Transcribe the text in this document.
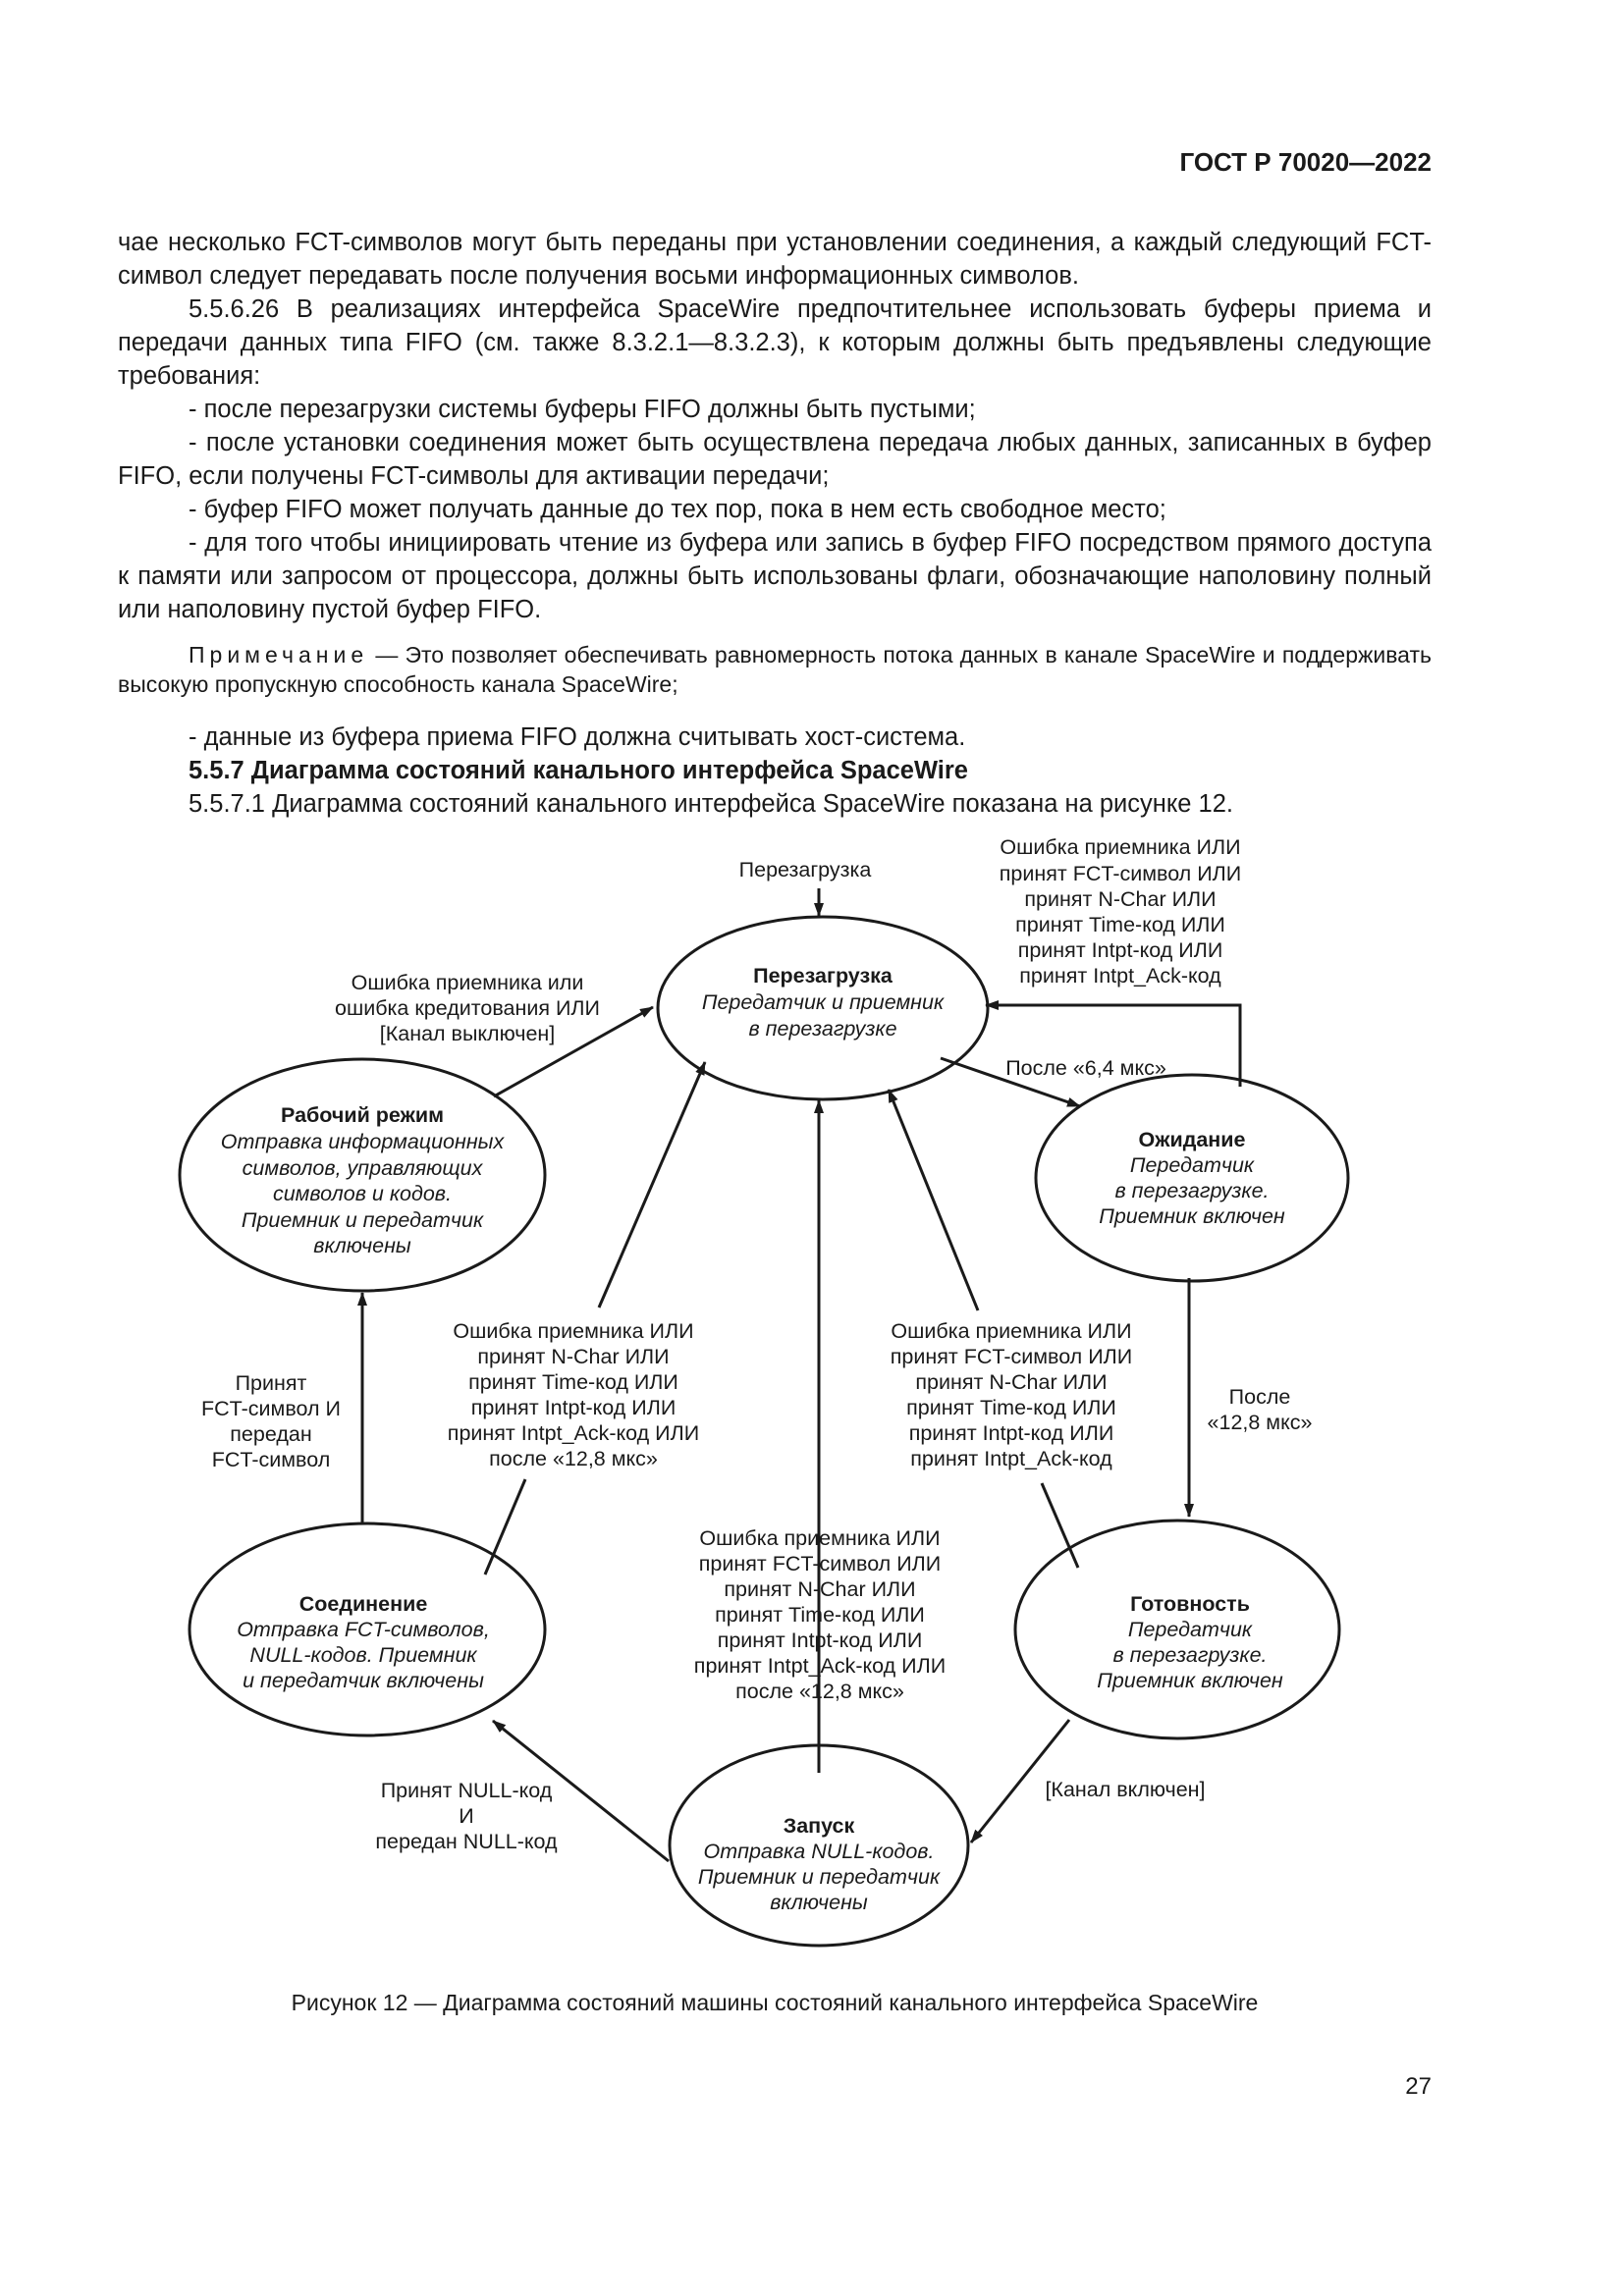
ГОСТ Р 70020—2022

чае несколько FCT-символов могут быть переданы при установлении соединения, а каждый следующий FCT-символ следует передавать после получения восьми информационных символов.

5.5.6.26 В реализациях интерфейса SpaceWire предпочтительнее использовать буферы приема и передачи данных типа FIFO (см. также 8.3.2.1—8.3.2.3), к которым должны быть предъявлены следующие требования:

- после перезагрузки системы буферы FIFO должны быть пустыми;

- после установки соединения может быть осуществлена передача любых данных, записанных в буфер FIFO, если получены FCT-символы для активации передачи;

- буфер FIFO может получать данные до тех пор, пока в нем есть свободное место;

- для того чтобы инициировать чтение из буфера или запись в буфер FIFO посредством прямого доступа к памяти или запросом от процессора, должны быть использованы флаги, обозначающие наполовину полный или наполовину пустой буфер FIFO.

Примечание — Это позволяет обеспечивать равномерность потока данных в канале SpaceWire и поддерживать высокую пропускную способность канала SpaceWire;

- данные из буфера приема FIFO должна считывать хост-система.

5.5.7 Диаграмма состояний канального интерфейса SpaceWire

5.5.7.1 Диаграмма состояний канального интерфейса SpaceWire показана на рисунке 12.

Перезагрузка
Передатчик и приемник
в перезагрузке
Рабочий режим
Отправка информационных
символов, управляющих
символов и кодов.
Приемник и передатчик
включены
Ожидание
Передатчик
в перезагрузке.
Приемник включен
Соединение
Отправка FCT-символов,
NULL-кодов. Приемник
и передатчик включены
Готовность
Передатчик
в перезагрузке.
Приемник включен
Запуск
Отправка NULL-кодов.
Приемник и передатчик
включены
Перезагрузка
Ошибка приемника ИЛИ
принят FCT-символ ИЛИ
принят N-Char ИЛИ
принят Time-код ИЛИ
принят Intpt-код ИЛИ
принят Intpt_Ack-код
Ошибка приемника или
ошибка кредитования ИЛИ
[Канал выключен]
После «6,4 мкс»
Принят
FCT-символ И
передан
FCT-символ
Ошибка приемника ИЛИ
принят N-Char ИЛИ
принят Time-код ИЛИ
принят Intpt-код ИЛИ
принят Intpt_Ack-код ИЛИ
после «12,8 мкс»
Ошибка приемника ИЛИ
принят FCT-символ ИЛИ
принят N-Char ИЛИ
принят Time-код ИЛИ
принят Intpt-код ИЛИ
принят Intpt_Ack-код
После
«12,8 мкс»
Ошибка приемника ИЛИ
принят FCT-символ ИЛИ
принят N-Char ИЛИ
принят Time-код ИЛИ
принят Intpt-код ИЛИ
принят Intpt_Ack-код ИЛИ
после «12,8 мкс»
Принят NULL-код
И
передан NULL-код
[Канал включен]
Рисунок 12 — Диаграмма состояний машины состояний канального интерфейса SpaceWire
27
